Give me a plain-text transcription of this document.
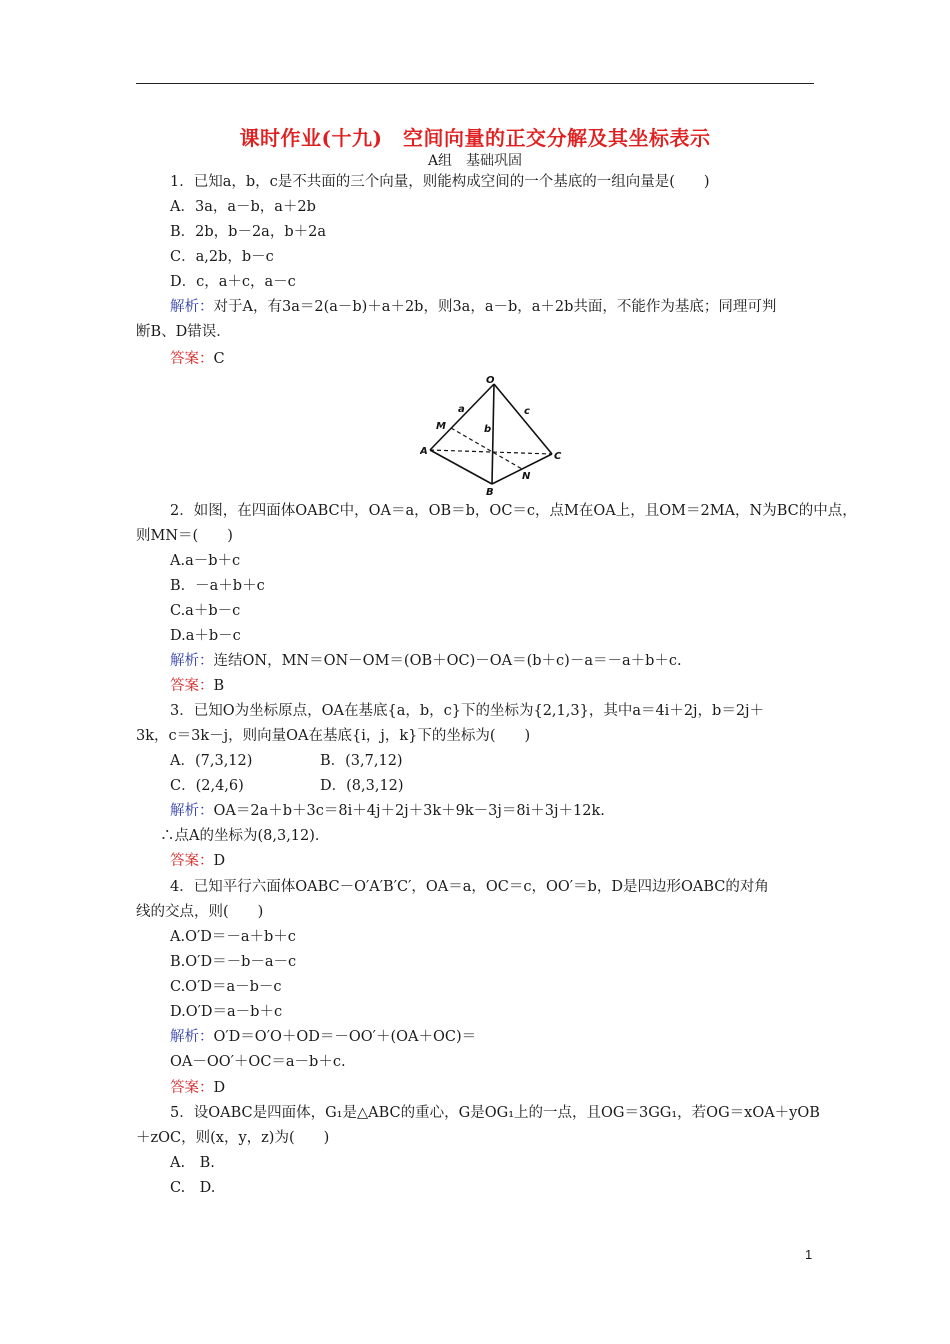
课时作业(十九)　空间向量的正交分解及其坐标表示
A组　基础巩固
1．已知a，b，c是不共面的三个向量，则能构成空间的一个基底的一组向量是(　　)
A．3a，a－b，a＋2b
B．2b，b－2a，b＋2a
C．a,2b，b－c
D．c，a＋c，a－c
解析：对于A，有3a＝2(a－b)＋a＋2b，则3a，a－b，a＋2b共面，不能作为基底；同理可判
断B、D错误．
答案：C
O
a	c
b
M
A	C
N
B
2．如图，在四面体OABC中，OA＝a，OB＝b，OC＝c，点M在OA上，且OM＝2MA，N为BC的中点，
则MN＝(　　)
A.a－b＋c
B．－a＋b＋c
C.a＋b－c
D.a＋b－c
解析：连结ON，MN＝ON－OM＝(OB＋OC)－OA＝(b＋c)－a＝－a＋b＋c.
答案：B
3．已知O为坐标原点，OA在基底{a，b，c}下的坐标为{2,1,3}，其中a＝4i＋2j，b＝2j＋
3k，c＝3k－j，则向量OA在基底{i，j，k}下的坐标为(　　)
A．(7,3,12)	B．(3,7,12)
C．(2,4,6)	D．(8,3,12)
解析：OA＝2a＋b＋3c＝8i＋4j＋2j＋3k＋9k－3j＝8i＋3j＋12k.
∴点A的坐标为(8,3,12)．
答案：D
4．已知平行六面体OABC－O′A′B′C′，OA＝a，OC＝c，OO′＝b，D是四边形OABC的对角
线的交点，则(　　)
A.O′D＝－a＋b＋c
B.O′D＝－b－a－c
C.O′D＝a－b－c
D.O′D＝a－b＋c
解析：O′D＝O′O＋OD＝－OO′＋(OA＋OC)＝
OA－OO′＋OC＝a－b＋c.
答案：D
5．设OABC是四面体，G₁是△ABC的重心，G是OG₁上的一点，且OG＝3GG₁，若OG＝xOA＋yOB
＋zOC，则(x，y，z)为(　　)
A.　B.
C.　D.
1
